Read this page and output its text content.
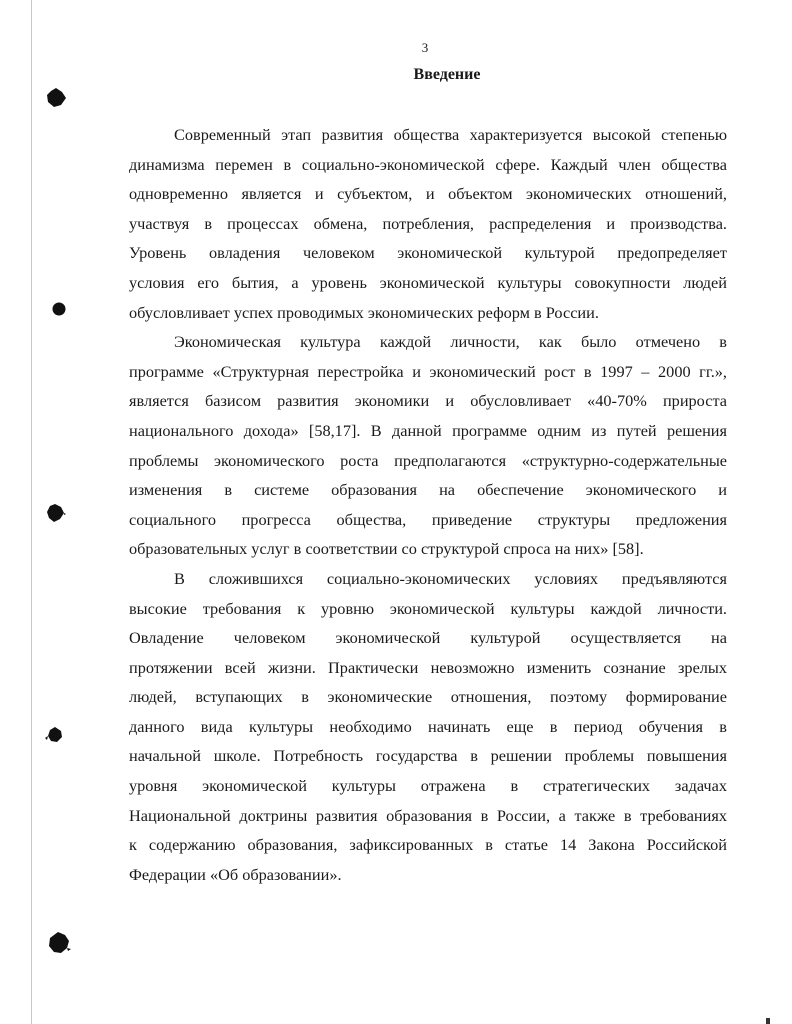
3
Введение

Современный этап развития общества характеризуется высокой степенью
динамизма перемен в социально-экономической сфере. Каждый член общества
одновременно является и субъектом, и объектом экономических отношений,
участвуя в процессах обмена, потребления, распределения и производства.
Уровень овладения человеком экономической культурой предопределяет
условия его бытия, а уровень экономической культуры совокупности людей
обусловливает успех проводимых экономических реформ в России.

Экономическая культура каждой личности, как было отмечено в
программе «Структурная перестройка и экономический рост в 1997 – 2000 гг.»,
является базисом развития экономики и обусловливает «40-70% прироста
национального дохода» [58,17]. В данной программе одним из путей решения
проблемы экономического роста предполагаются «структурно-содержательные
изменения в системе образования на обеспечение экономического и
социального прогресса общества, приведение структуры предложения
образовательных услуг в соответствии со структурой спроса на них» [58].

В сложившихся социально-экономических условиях предъявляются
высокие требования к уровню экономической культуры каждой личности.
Овладение человеком экономической культурой осуществляется на
протяжении всей жизни. Практически невозможно изменить сознание зрелых
людей, вступающих в экономические отношения, поэтому формирование
данного вида культуры необходимо начинать еще в период обучения в
начальной школе. Потребность государства в решении проблемы повышения
уровня экономической культуры отражена в стратегических задачах
Национальной доктрины развития образования в России, а также в требованиях
к содержанию образования, зафиксированных в статье 14 Закона Российской
Федерации «Об образовании».
